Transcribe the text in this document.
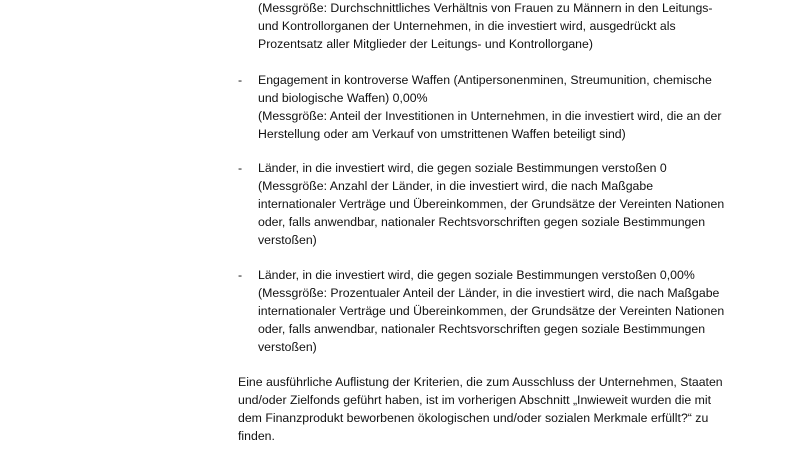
(Messgröße: Durchschnittliches Verhältnis von Frauen zu Männern in den Leitungs-
und Kontrollorganen der Unternehmen, in die investiert wird, ausgedrückt als
Prozentsatz aller Mitglieder der Leitungs- und Kontrollorgane)
-	Engagement in kontroverse Waffen (Antipersonenminen, Streumunition, chemische
und biologische Waffen) 0,00%
(Messgröße: Anteil der Investitionen in Unternehmen, in die investiert wird, die an der
Herstellung oder am Verkauf von umstrittenen Waffen beteiligt sind)
-	Länder, in die investiert wird, die gegen soziale Bestimmungen verstoßen 0
(Messgröße: Anzahl der Länder, in die investiert wird, die nach Maßgabe
internationaler Verträge und Übereinkommen, der Grundsätze der Vereinten Nationen
oder, falls anwendbar, nationaler Rechtsvorschriften gegen soziale Bestimmungen
verstoßen)
-	Länder, in die investiert wird, die gegen soziale Bestimmungen verstoßen 0,00%
(Messgröße: Prozentualer Anteil der Länder, in die investiert wird, die nach Maßgabe
internationaler Verträge und Übereinkommen, der Grundsätze der Vereinten Nationen
oder, falls anwendbar, nationaler Rechtsvorschriften gegen soziale Bestimmungen
verstoßen)
Eine ausführliche Auflistung der Kriterien, die zum Ausschluss der Unternehmen, Staaten
und/oder Zielfonds geführt haben, ist im vorherigen Abschnitt „Inwieweit wurden die mit
dem Finanzprodukt beworbenen ökologischen und/oder sozialen Merkmale erfüllt?“ zu
finden.
